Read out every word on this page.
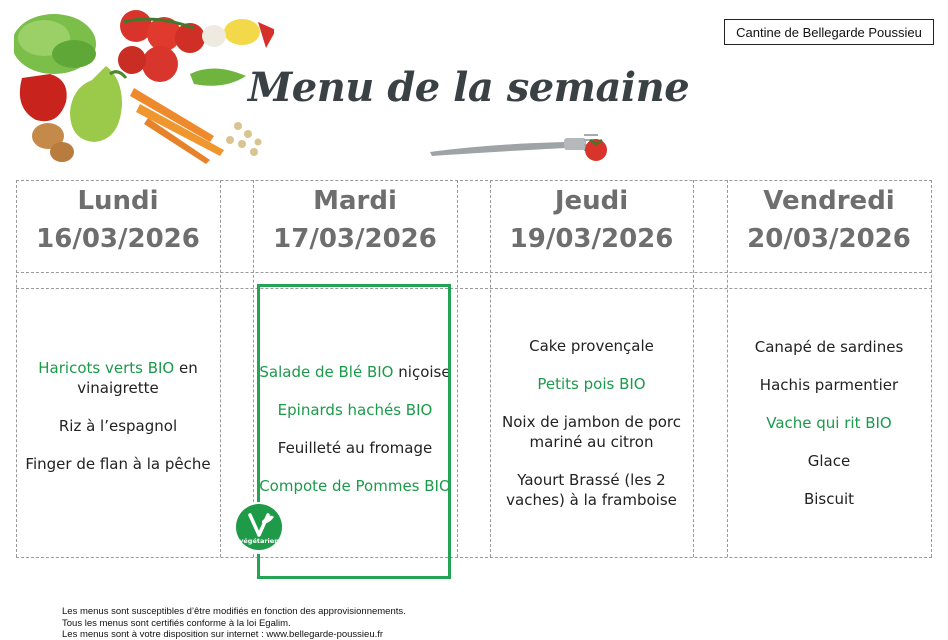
Menu de la semaine
Cantine de Bellegarde Poussieu
Lundi
16/03/2026
Mardi
17/03/2026
Jeudi
19/03/2026
Vendredi
20/03/2026
Haricots verts BIO en vinaigrette
Riz à l’espagnol
Finger de flan à la pêche
Salade de Blé BIO niçoise
Epinards hachés BIO
Feuilleté au fromage
Compote de Pommes BIO
Cake provençale
Petits pois BIO
Noix de jambon de porc mariné au citron
Yaourt Brassé (les 2 vaches) à la framboise
Canapé de sardines
Hachis parmentier
Vache qui rit BIO
Glace
Biscuit
végétarien
Les menus sont susceptibles d’être modifiés en fonction des approvisionnements.
Tous les menus sont certifiés conforme à la loi Egalim.
Les menus sont à votre disposition sur internet : www.bellegarde-poussieu.fr
